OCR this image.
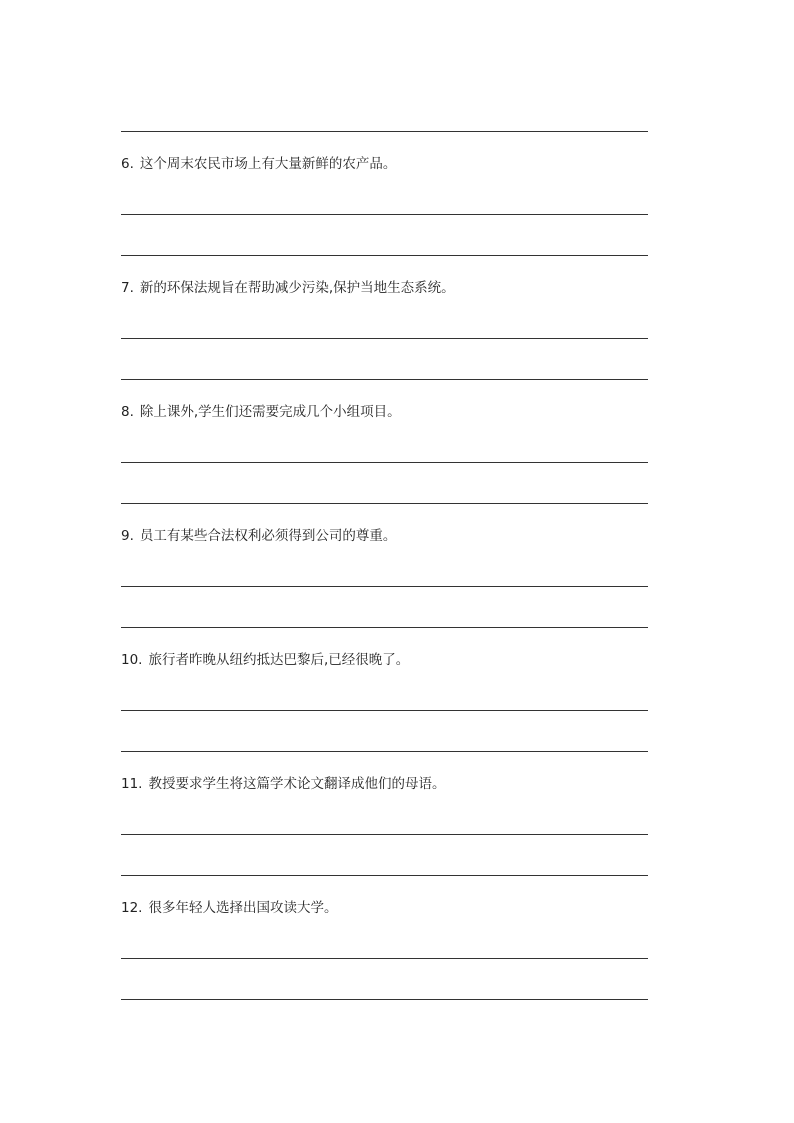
6. 这个周末农民市场上有大量新鲜的农产品。
7. 新的环保法规旨在帮助减少污染,保护当地生态系统。
8. 除上课外,学生们还需要完成几个小组项目。
9. 员工有某些合法权利必须得到公司的尊重。
10. 旅行者昨晚从纽约抵达巴黎后,已经很晚了。
11. 教授要求学生将这篇学术论文翻译成他们的母语。
12. 很多年轻人选择出国攻读大学。
